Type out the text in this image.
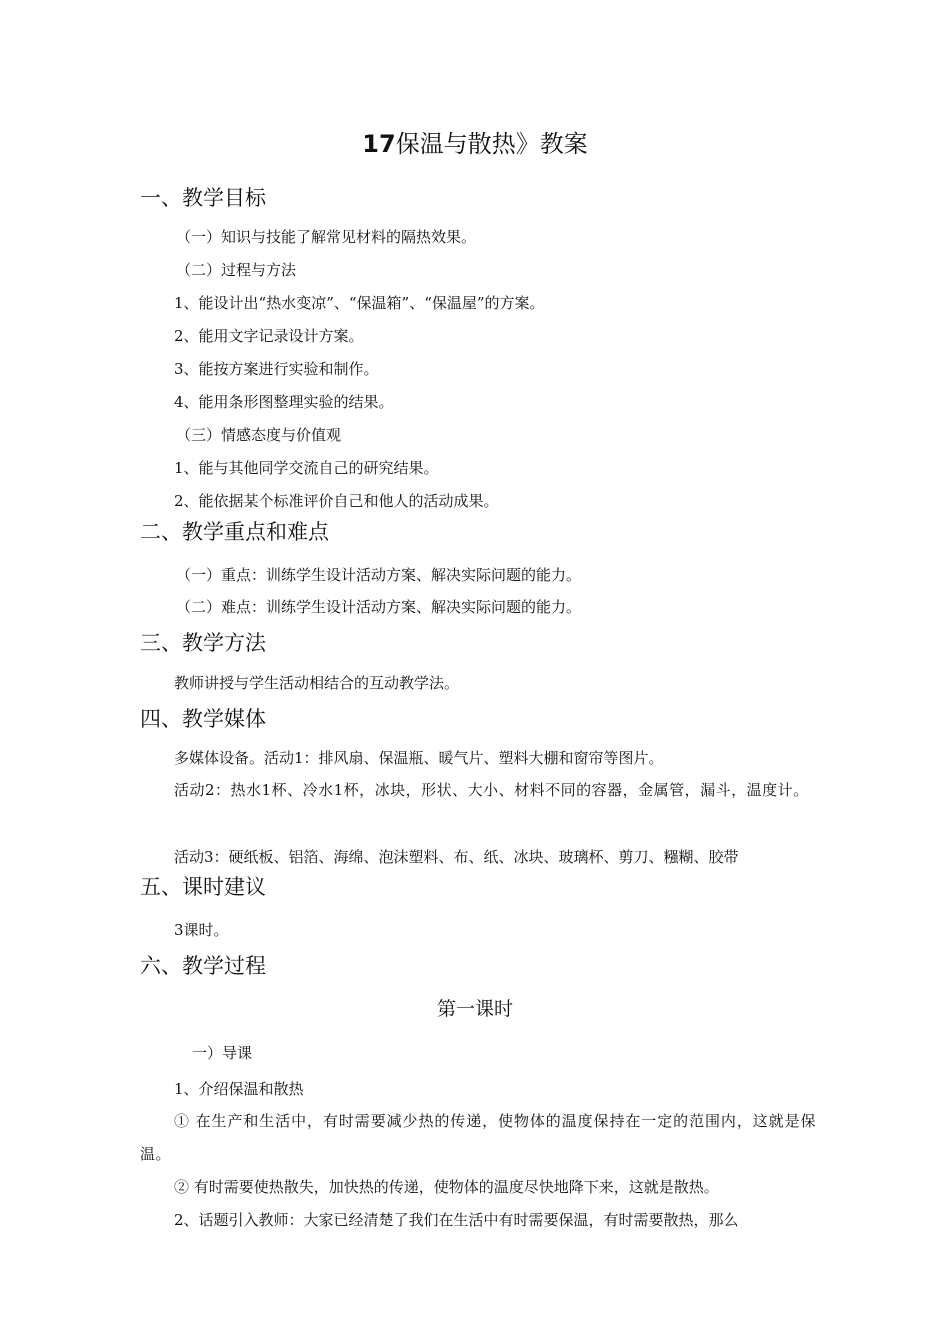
17保温与散热》教案
一、教学目标
（一）知识与技能了解常见材料的隔热效果。
（二）过程与方法
1、能设计出“热水变凉”、“保温箱”、“保温屋”的方案。
2、能用文字记录设计方案。
3、能按方案进行实验和制作。
4、能用条形图整理实验的结果。
（三）情感态度与价值观
1、能与其他同学交流自己的研究结果。
2、能依据某个标准评价自己和他人的活动成果。
二、教学重点和难点
（一）重点：训练学生设计活动方案、解决实际问题的能力。
（二）难点：训练学生设计活动方案、解决实际问题的能力。
三、教学方法
教师讲授与学生活动相结合的互动教学法。
四、教学媒体
多媒体设备。活动1：排风扇、保温瓶、暖气片、塑料大棚和窗帘等图片。
活动2：热水1杯、冷水1杯，冰块，形状、大小、材料不同的容器，金属管，漏斗，温度计。
活动3：硬纸板、铝箔、海绵、泡沫塑料、布、纸、冰块、玻璃杯、剪刀、糨糊、胶带
五、课时建议
3课时。
六、教学过程
第一课时
一）导课
1、介绍保温和散热
① 在生产和生活中，有时需要减少热的传递，使物体的温度保持在一定的范围内，这就是保温。
② 有时需要使热散失，加快热的传递，使物体的温度尽快地降下来，这就是散热。
2、话题引入教师：大家已经清楚了我们在生活中有时需要保温，有时需要散热，那么
